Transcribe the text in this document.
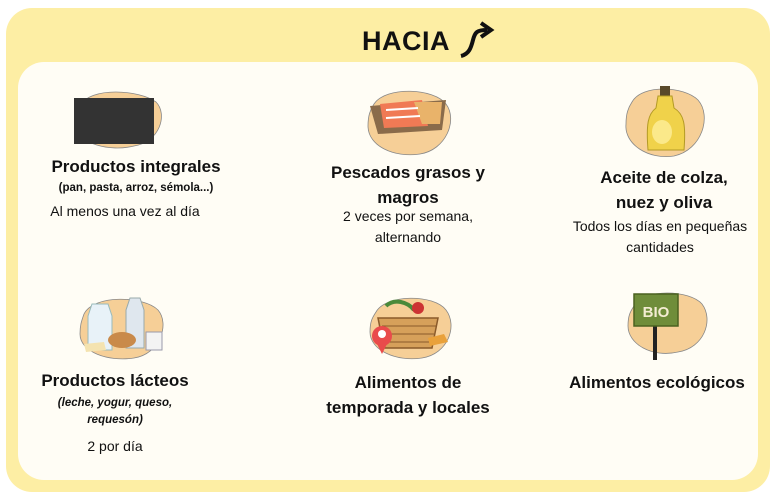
HACIA
Productos integrales
(pan, pasta, arroz, sémola...)
Al menos una vez al día
Pescados grasos y
magros
2 veces por semana,
alternando
Aceite de colza,
nuez y oliva
Todos los días en pequeñas
cantidades
Productos lácteos
(leche, yogur, queso,
requesón)
2 por día
Alimentos de
temporada y locales
BIO
Alimentos ecológicos
